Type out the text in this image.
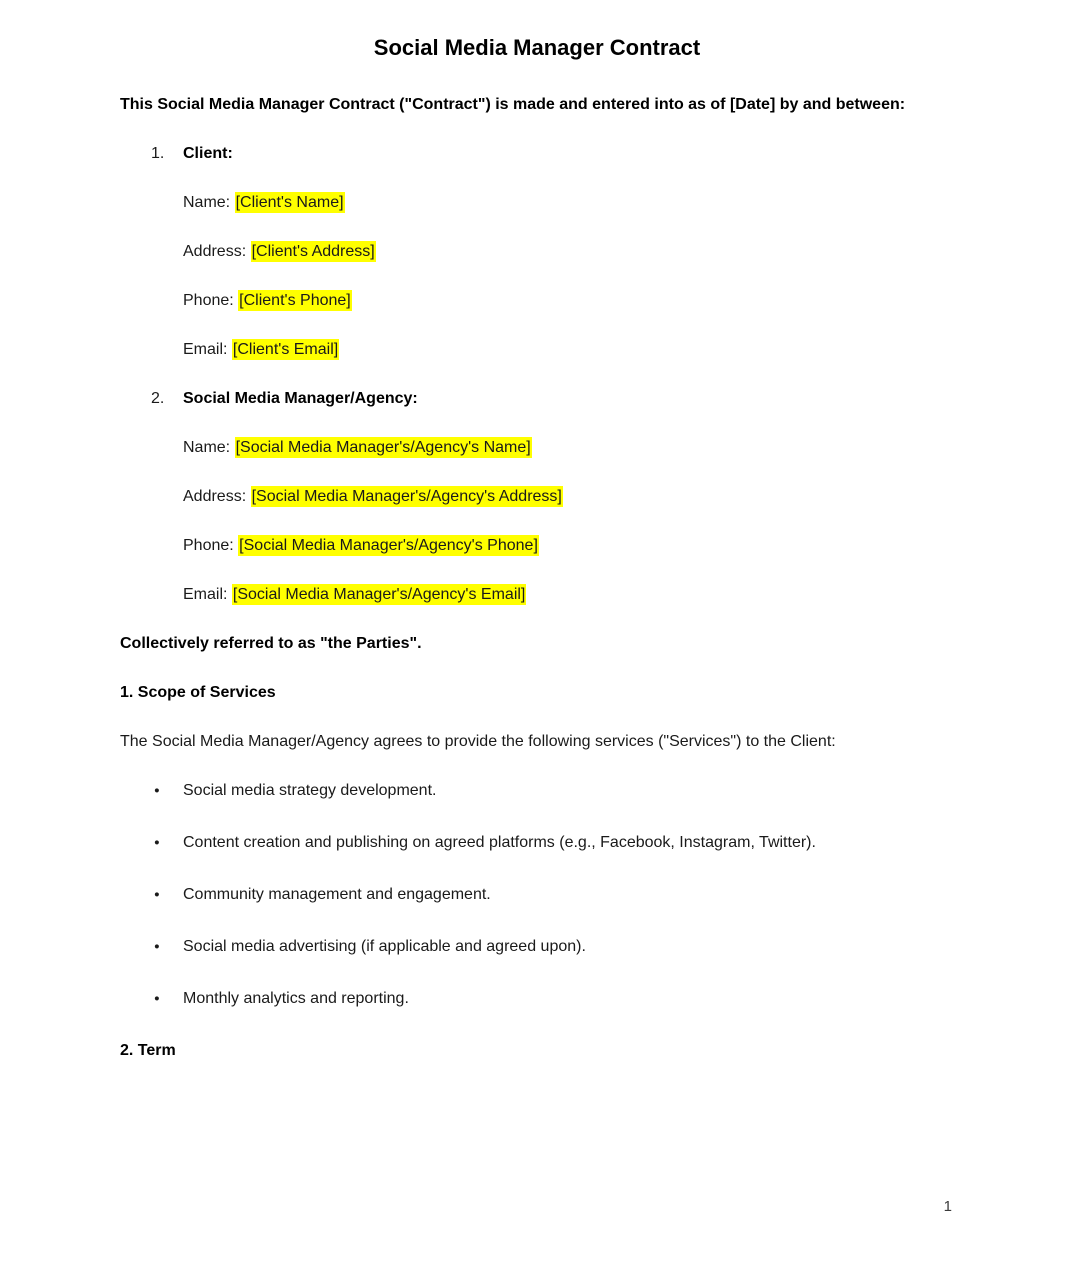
Social Media Manager Contract

This Social Media Manager Contract ("Contract") is made and entered into as of [Date] by and between:

1. Client:

Name: [Client's Name]

Address: [Client's Address]

Phone: [Client's Phone]

Email: [Client's Email]

2. Social Media Manager/Agency:

Name: [Social Media Manager's/Agency's Name]

Address: [Social Media Manager's/Agency's Address]

Phone: [Social Media Manager's/Agency's Phone]

Email: [Social Media Manager's/Agency's Email]

Collectively referred to as "the Parties".

1. Scope of Services

The Social Media Manager/Agency agrees to provide the following services ("Services") to the Client:

● Social media strategy development.
● Content creation and publishing on agreed platforms (e.g., Facebook, Instagram, Twitter).
● Community management and engagement.
● Social media advertising (if applicable and agreed upon).
● Monthly analytics and reporting.
2. Term
1
